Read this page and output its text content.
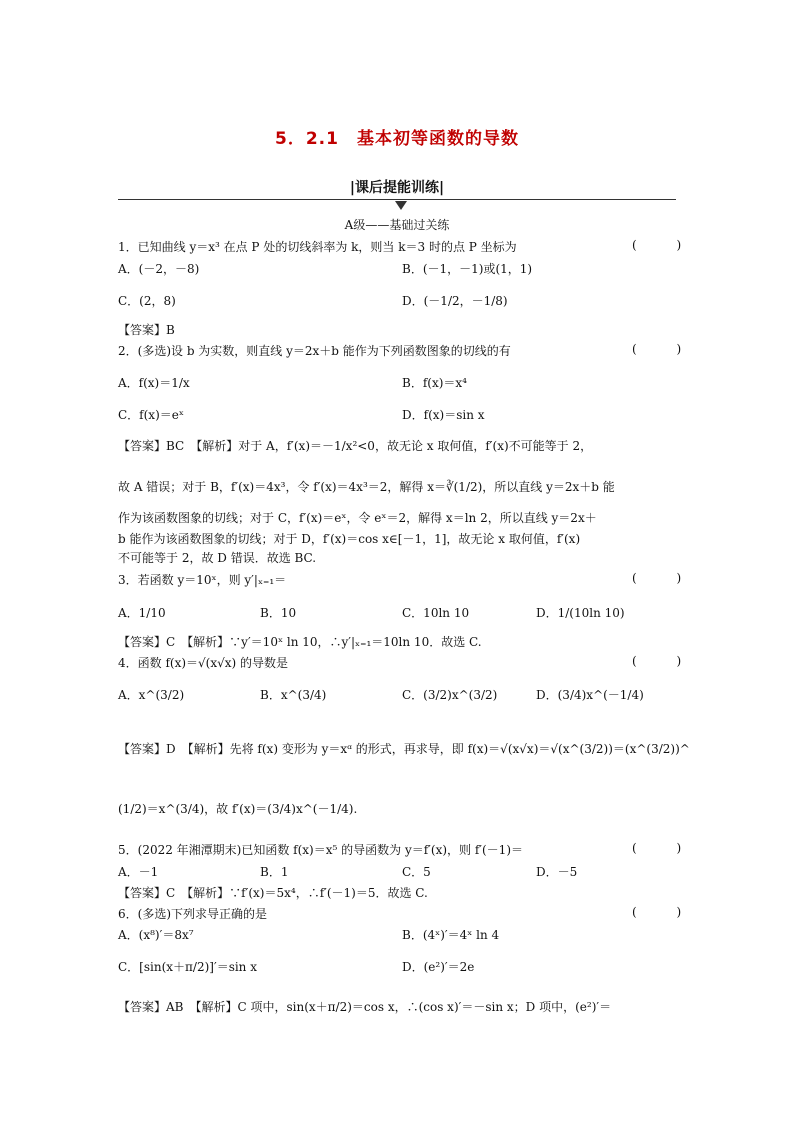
5．2.1　基本初等函数的导数
|课后提能训练|
A级——基础过关练
1．已知曲线 y＝x³ 在点 P 处的切线斜率为 k，则当 k＝3 时的点 P 坐标为	( )
A．(－2，－8)	B．(－1，－1)或(1，1)
C．(2，8)	D．(－1/2，－1/8)
【答案】B
2．(多选)设 b 为实数，则直线 y＝2x＋b 能作为下列函数图象的切线的有	( )
A．f(x)＝1/x	B．f(x)＝x⁴
C．f(x)＝eˣ	D．f(x)＝sin x
【答案】BC　【解析】对于 A，f′(x)＝－1/x²<0，故无论 x 取何值，f′(x)不可能等于 2，
故 A 错误；对于 B，f′(x)＝4x³，令 f′(x)＝4x³＝2，解得 x＝∛(1/2)，所以直线 y＝2x＋b 能
作为该函数图象的切线；对于 C，f′(x)＝eˣ，令 eˣ＝2，解得 x＝ln 2，所以直线 y＝2x＋
b 能作为该函数图象的切线；对于 D，f′(x)＝cos x∈[－1，1]，故无论 x 取何值，f′(x)
不可能等于 2，故 D 错误．故选 BC.
3．若函数 y＝10ˣ，则 y′|ₓ₌₁＝	( )
A．1/10	B．10	C．10ln 10	D．1/(10ln 10)
【答案】C　【解析】∵y′＝10ˣ ln 10，∴y′|ₓ₌₁＝10ln 10．故选 C.
4．函数 f(x)＝√(x√x) 的导数是	( )
A．x^(3/2)	B．x^(3/4)	C．(3/2)x^(3/2)	D．(3/4)x^(－1/4)
【答案】D　【解析】先将 f(x) 变形为 y＝xᵅ 的形式，再求导，即 f(x)＝√(x√x)＝√(x^(3/2))＝(x^(3/2))^
(1/2)＝x^(3/4)，故 f′(x)＝(3/4)x^(－1/4).
5．(2022 年湘潭期末)已知函数 f(x)＝x⁵ 的导函数为 y＝f′(x)，则 f′(－1)＝	( )
A．－1	B．1	C．5	D．－5
【答案】C　【解析】∵f′(x)＝5x⁴，∴f′(－1)＝5．故选 C.
6．(多选)下列求导正确的是	( )
A．(x⁸)′＝8x⁷	B．(4ˣ)′＝4ˣ ln 4
C．[sin(x＋π/2)]′＝sin x	D．(e²)′＝2e
【答案】AB　【解析】C 项中，sin(x＋π/2)＝cos x，∴(cos x)′＝－sin x；D 项中，(e²)′＝
